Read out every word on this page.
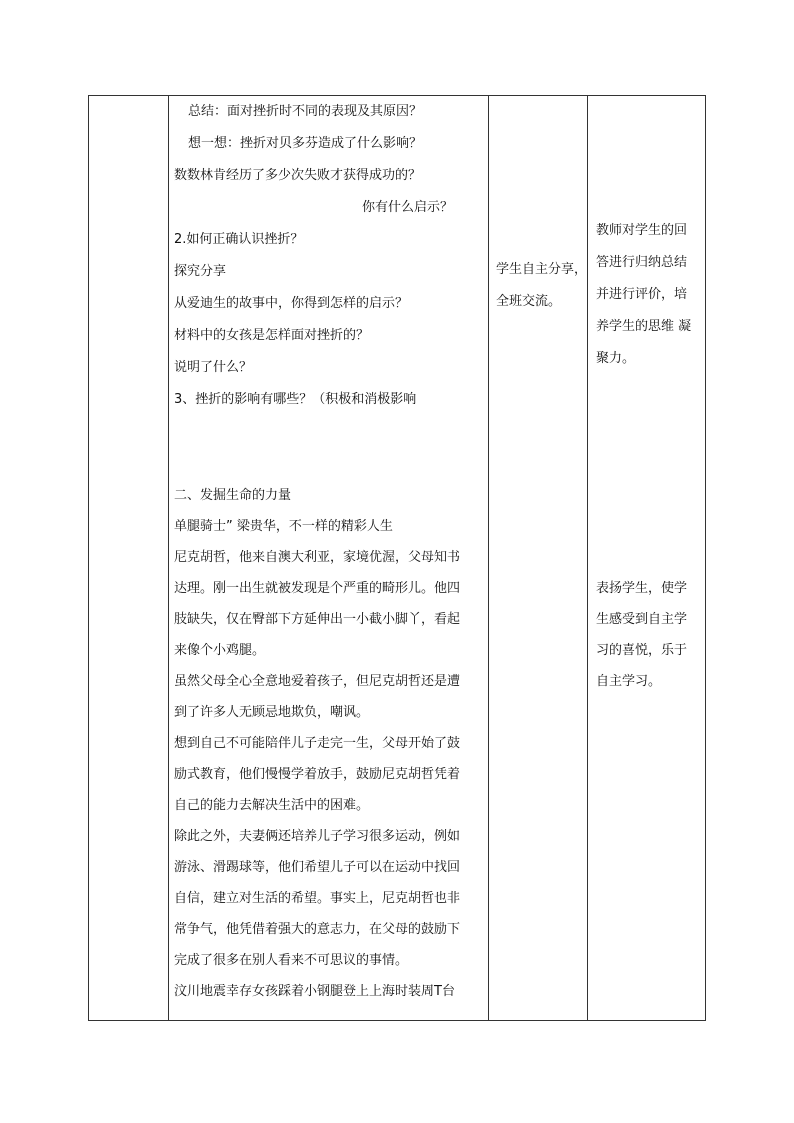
总结：面对挫折时不同的表现及其原因？
想一想：挫折对贝多芬造成了什么影响？
数数林肯经历了多少次失败才获得成功的？
你有什么启示？
2.如何正确认识挫折？
探究分享
从爱迪生的故事中，你得到怎样的启示？
材料中的女孩是怎样面对挫折的？
说明了什么？
3、挫折的影响有哪些？（积极和消极影响
二、发掘生命的力量
单腿骑士” 梁贵华，不一样的精彩人生
尼克胡哲，他来自澳大利亚，家境优渥，父母知书
达理。刚一出生就被发现是个严重的畸形儿。他四
肢缺失，仅在臀部下方延伸出一小截小脚丫，看起
来像个小鸡腿。
虽然父母全心全意地爱着孩子，但尼克胡哲还是遭
到了许多人无顾忌地欺负，嘲讽。
想到自己不可能陪伴儿子走完一生，父母开始了鼓
励式教育，他们慢慢学着放手，鼓励尼克胡哲凭着
自己的能力去解决生活中的困难。
除此之外，夫妻俩还培养儿子学习很多运动，例如
游泳、滑踢球等，他们希望儿子可以在运动中找回
自信，建立对生活的希望。事实上，尼克胡哲也非
常争气，他凭借着强大的意志力，在父母的鼓励下
完成了很多在别人看来不可思议的事情。
汶川地震幸存女孩踩着小钢腿登上上海时装周T台
学生自主分享，
全班交流。
教师对学生的回
答进行归纳总结
并进行评价，培
养学生的思维 凝
聚力。
表扬学生，使学
生感受到自主学
习的喜悦，乐于
自主学习。
